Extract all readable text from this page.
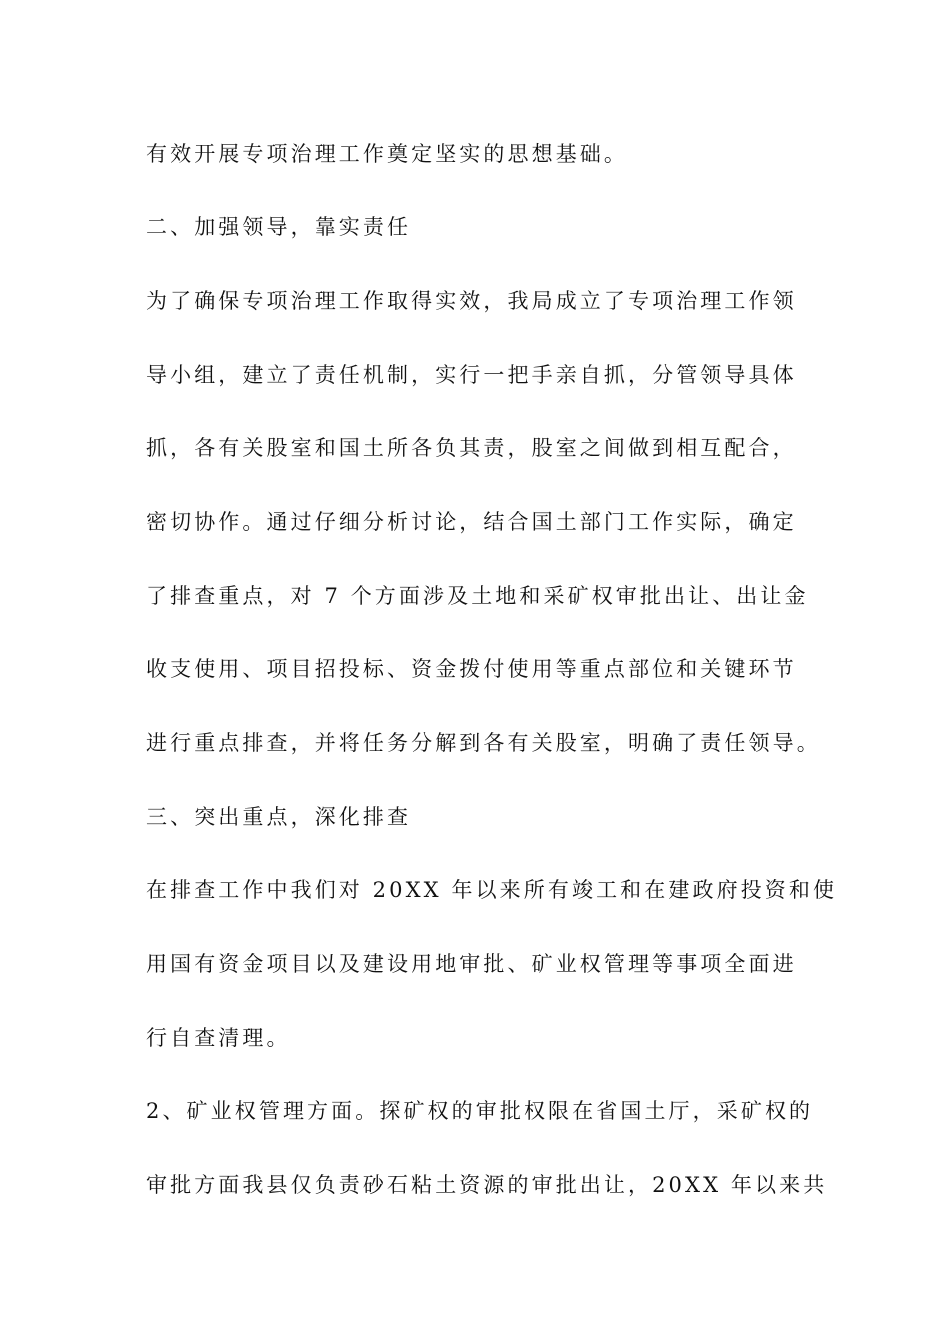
有效开展专项治理工作奠定坚实的思想基础。
二、加强领导，靠实责任
为了确保专项治理工作取得实效，我局成立了专项治理工作领
导小组，建立了责任机制，实行一把手亲自抓，分管领导具体
抓，各有关股室和国土所各负其责，股室之间做到相互配合，
密切协作。通过仔细分析讨论，结合国土部门工作实际，确定
了排查重点，对 7 个方面涉及土地和采矿权审批出让、出让金
收支使用、项目招投标、资金拨付使用等重点部位和关键环节
进行重点排查，并将任务分解到各有关股室，明确了责任领导。
三、突出重点，深化排查
在排查工作中我们对 20XX 年以来所有竣工和在建政府投资和使
用国有资金项目以及建设用地审批、矿业权管理等事项全面进
行自查清理。
2、矿业权管理方面。探矿权的审批权限在省国土厅，采矿权的
审批方面我县仅负责砂石粘土资源的审批出让，20XX 年以来共
